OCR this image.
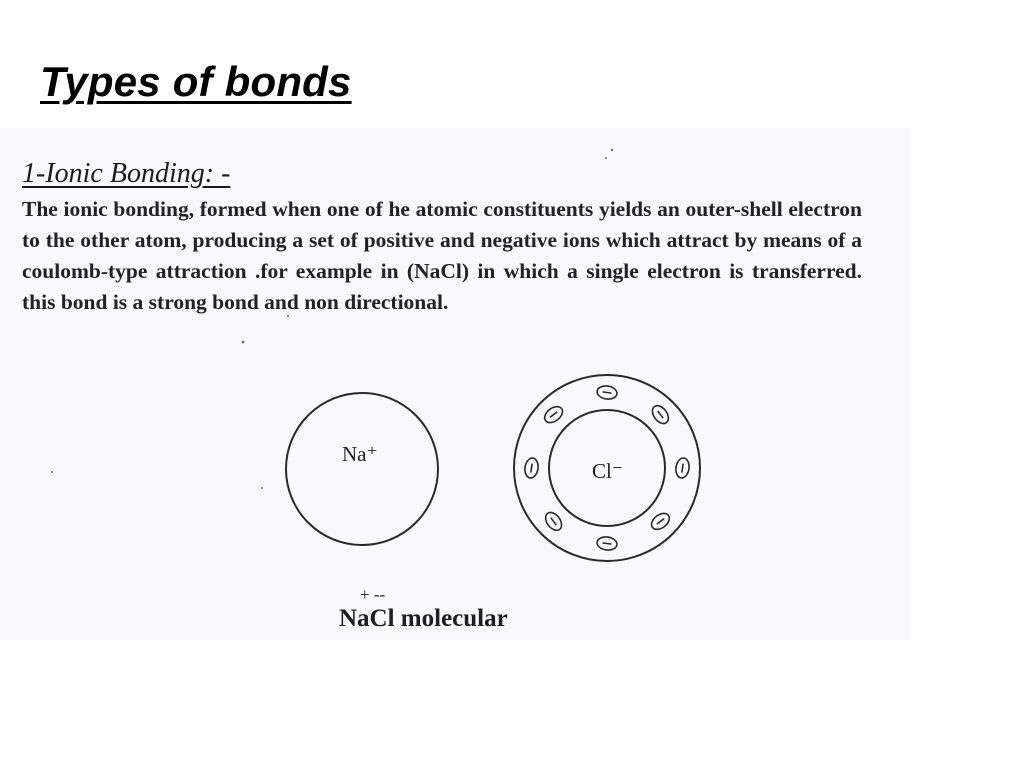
Types of bonds
1-Ionic Bonding: -

The ionic bonding, formed when one of he atomic constituents yields an outer-shell electron to the other atom, producing a set of positive and negative ions which attract by means of a coulomb-type attraction .for example in (NaCl) in which a single electron is transferred. this bond is a strong bond and non directional.

Na⁺
Cl⁻
+ --
NaCl molecular
